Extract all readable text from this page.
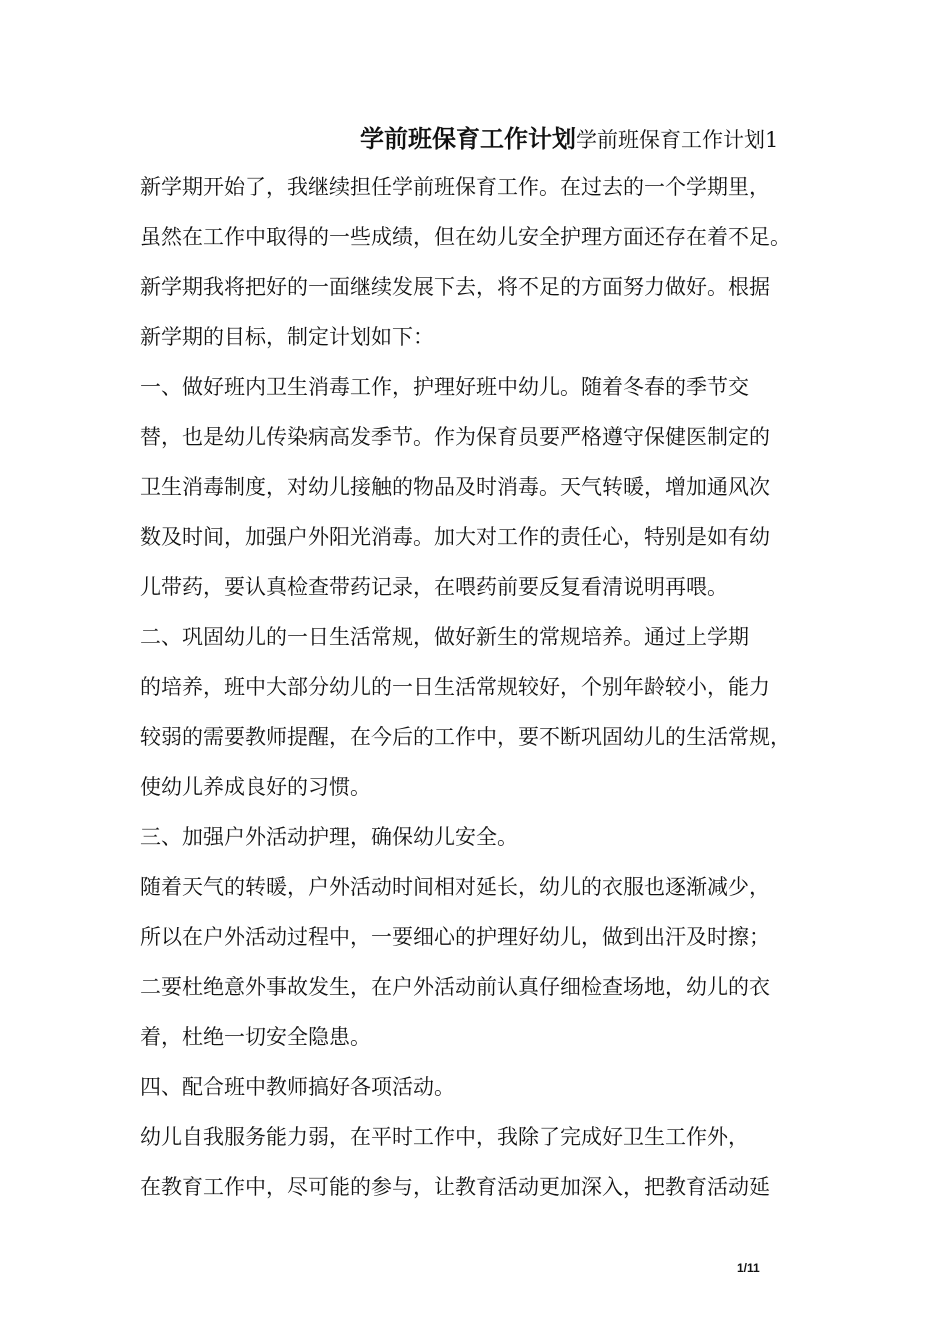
学前班保育工作计划学前班保育工作计划1
新学期开始了，我继续担任学前班保育工作。在过去的一个学期里，
虽然在工作中取得的一些成绩，但在幼儿安全护理方面还存在着不足。
新学期我将把好的一面继续发展下去，将不足的方面努力做好。根据
新学期的目标，制定计划如下：
一、做好班内卫生消毒工作，护理好班中幼儿。随着冬春的季节交
替，也是幼儿传染病高发季节。作为保育员要严格遵守保健医制定的
卫生消毒制度，对幼儿接触的物品及时消毒。天气转暖，增加通风次
数及时间，加强户外阳光消毒。加大对工作的责任心，特别是如有幼
儿带药，要认真检查带药记录，在喂药前要反复看清说明再喂。
二、巩固幼儿的一日生活常规，做好新生的常规培养。通过上学期
的培养，班中大部分幼儿的一日生活常规较好，个别年龄较小，能力
较弱的需要教师提醒，在今后的工作中，要不断巩固幼儿的生活常规，
使幼儿养成良好的习惯。
三、加强户外活动护理，确保幼儿安全。
随着天气的转暖，户外活动时间相对延长，幼儿的衣服也逐渐减少，
所以在户外活动过程中，一要细心的护理好幼儿，做到出汗及时擦；
二要杜绝意外事故发生，在户外活动前认真仔细检查场地，幼儿的衣
着，杜绝一切安全隐患。
四、配合班中教师搞好各项活动。
幼儿自我服务能力弱，在平时工作中，我除了完成好卫生工作外，
在教育工作中，尽可能的参与，让教育活动更加深入，把教育活动延
1/11
